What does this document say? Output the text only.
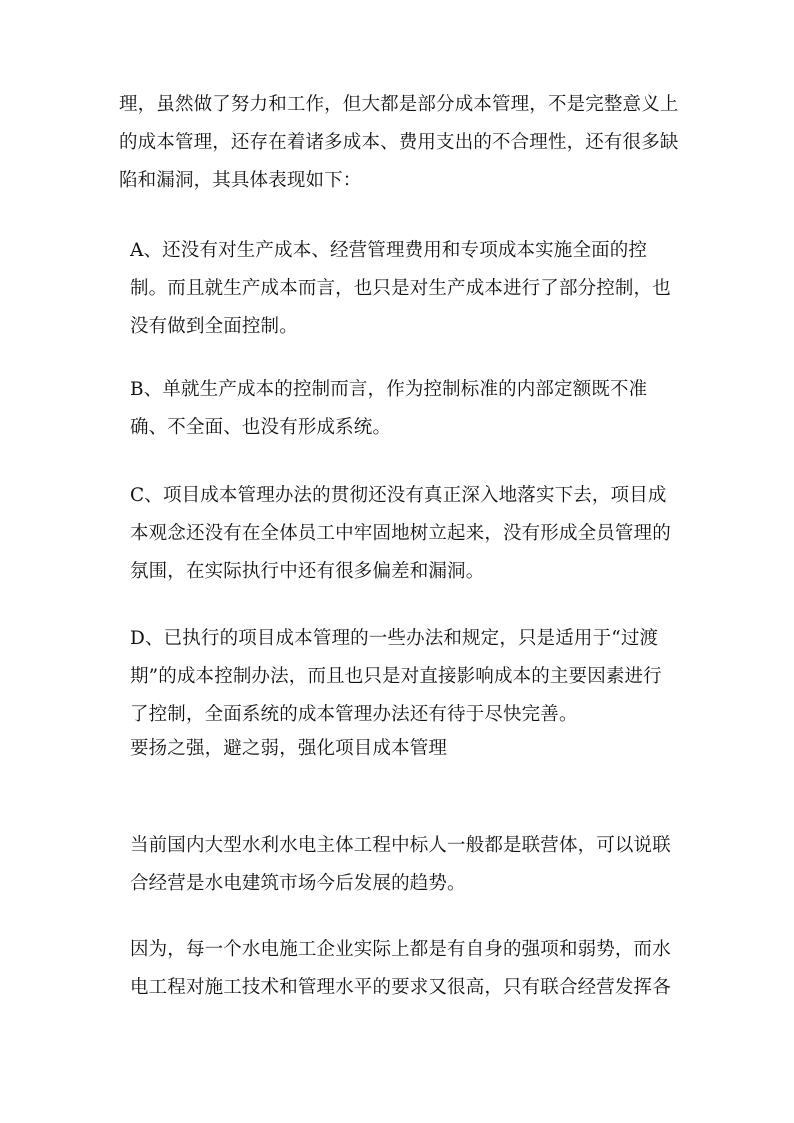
理，虽然做了努力和工作，但大都是部分成本管理，不是完整意义上的成本管理，还存在着诸多成本、费用支出的不合理性，还有很多缺陷和漏洞，其具体表现如下：

A、还没有对生产成本、经营管理费用和专项成本实施全面的控制。而且就生产成本而言，也只是对生产成本进行了部分控制，也没有做到全面控制。

B、单就生产成本的控制而言，作为控制标准的内部定额既不准确、不全面、也没有形成系统。

C、项目成本管理办法的贯彻还没有真正深入地落实下去，项目成本观念还没有在全体员工中牢固地树立起来，没有形成全员管理的氛围，在实际执行中还有很多偏差和漏洞。

D、已执行的项目成本管理的一些办法和规定，只是适用于“过渡期”的成本控制办法，而且也只是对直接影响成本的主要因素进行了控制，全面系统的成本管理办法还有待于尽快完善。

要扬之强，避之弱，强化项目成本管理

当前国内大型水利水电主体工程中标人一般都是联营体，可以说联合经营是水电建筑市场今后发展的趋势。

因为，每一个水电施工企业实际上都是有自身的强项和弱势，而水电工程对施工技术和管理水平的要求又很高，只有联合经营发挥各
